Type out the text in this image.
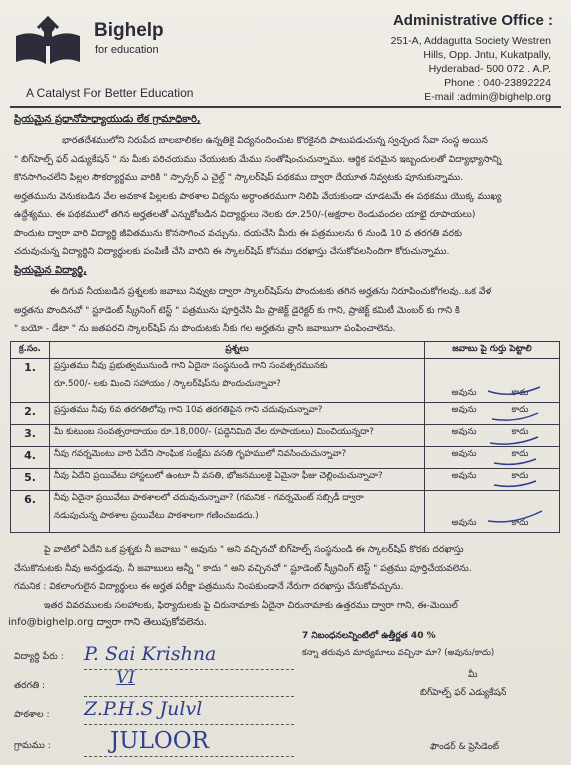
Bighelp
for education
A Catalyst For Better Education
Administrative Office :
251-A, Addagutta Society Westren
Hills, Opp. Jntu, Kukatpally,
Hyderabad- 500 072 . A.P.
Phone : 040-23892224
E-mail :admin@bighelp.org
ప్రియమైన ప్రధానోపాధ్యాయుడు లేక గ్రామాధికారి,
భారతదేశములోని నిరుపేద బాలబాలికల ఉన్నతికై విద్యనందించుట కొరకైనది పాటుపడుచున్న స్వచ్ఛంద సేవా సంస్థ అయిన
" బిగ్‌హెల్ప్ ఫర్ ఎడ్యుకేషన్ " ను మీకు పరిచయము చేయుటకు మేము సంతోషించుచున్నాము. ఆర్థిక పరమైన ఇబ్బందులతో విద్యాభ్యాసాన్ని
కొనసాగించలేని పిల్లల సౌకర్యార్థము వారికి " స్పాన్సర్ ఎ చైల్డ్ " స్కాలర్‌షిప్ పథకము ద్వారా దేయూత నివ్వటకు పూనుకున్నాము.
అర్హతమును వెనుకబడిన వేల అవకాశ పిల్లలకు పాఠశాల విద్యను అర్ధాంతరముగా నిలిపి వేయకుండా చూడటమే ఈ పథకము యొక్క ముఖ్య
ఉద్దేశ్యము. ఈ పథకములో తగిన అర్హతలతో ఎన్నుకోబడిన విద్యార్థులు నెలకు రూ.250/-(అక్షరాల రెండువందల యాభై రూపాయలు)
పొందుట ద్వారా వారి విద్యార్థి జీవితమును కొనసాగించ వచ్చును. దయచేసి మీరు ఈ పత్రములను 6 నుండి 10 వ తరగతి వరకు
చదువుచున్న విద్యార్థిని విద్యార్థులకు పంపిణీ చేసి వారిని ఈ స్కాలర్‌షిప్ కోసము దరఖాస్తు చేసుకోవలసిందిగా కోరుచున్నాము.
ప్రియమైన విద్యార్థి,
ఈ దిగువ నీయబడిన ప్రశ్నలకు జవాబు నివ్వుట ద్వారా స్కాలర్‌షిప్‌ను పొందుటకు తగిన అర్హతను నిరూపించుకోగలవు..ఒక వేళ
అర్హతను పొందినచో " స్టూడెంట్ స్క్రీనింగ్ టెస్ట్ " పత్రమును పూర్తిచేసి మీ ప్రాజెక్ట్ డైరెక్టర్ కు గాని, ప్రాజెక్ట్ కమిటీ మెంబర్ కు గాని కి
" బయో - డేటా " ను జతపరచి స్కాలర్‌షిప్ ను పొందుటకు నీకు గల అర్హతను వ్రాసి జవాబుగా పంపించాలెను.
క్ర.సం.	ప్రశ్నలు	జవాబు పై గుర్తు పెట్టాలి
1.	ప్రస్తుతము నీవు ప్రభుత్వమునుండి గాని ఏదైనా సంస్థనుండి గాని సంవత్సరమునకు
రూ.500/- లకు మించి సహాయం / స్కాలర్‌షిప్‌ను పొందుచున్నావా?	అవును కాదు
2.	ప్రస్తుతము నీవు 6వ తరగతిలోపు గాని 10వ తరగతిపైన గాని చదువుచున్నావా?	అవును కాదు
3.	మీ కుటుంబ సంవత్సరాదాయం రూ.18,000/- (పద్దెనిమిది వేల రూపాయలు) మించియున్నదా?	అవును కాదు
4.	నీవు గవర్నమెంటు వారి ఏదేని సాంఘిక సంక్షేమ వసతి గృహములో నివసించుచున్నావా?	అవును కాదు
5.	నీవు ఏదేని ప్రయివేటు హాస్టలులో ఉంటూ నీ వసతి, భోజనములకై ఏమైనా ఫీజు చెల్లించుచున్నావా?	అవును కాదు
6.	నీవు ఏదైనా ప్రయివేటు పాఠశాలలో చదువుచున్నావా? (గమనిక - గవర్నమెంట్ సబ్సిడీ ద్వారా
నడుపుచున్న పాఠశాల ప్రయివేటు పాఠశాలగా గణించబడదు.)	అవును కాదు
పై వాటిలో ఏదేని ఒక ప్రశ్నకు నీ జవాబు " అవును " అని వచ్చినచో బిగ్‌హెల్ప్ సంస్థనుండి ఈ స్కాలర్‌షిప్ కొరకు దరఖాస్తు
చేసుకొనుటకు నీవు అనర్హుడవు. నీ జవాబులు అన్నీ " కాదు " అని వచ్చినచో " స్టూడెంట్ స్క్రీనింగ్ టెస్ట్ " పత్రము పూర్తిచేయవలెను.
గమనిక : వికలాంగులైన విద్యార్థులు ఈ అర్హత పరీక్షా పత్రమును నింపకుండానే నేరుగా దరఖాస్తు చేసుకోవచ్చును.
ఇతర వివరములకు సలహాలకు, ఫిర్యాదులకు పై చిరునామాకు ఏదైనా చిరునామాకు ఉత్తరము ద్వారా గాని, ఈ-మెయిల్
info@bighelp.org ద్వారా గాని తెలుపుకోవలెను.
7 నిబంధనలన్నింటిలో ఉత్తీర్ణత 40 %
విద్యార్థి పేరు : P. Sai Krishna
తరగతి :	VI
పాఠశాల : Z.P.H.S Julvl
గ్రామము :	JULOOR
కన్నా తరువున మాద్యమాలు వచ్చినా మా? (అవును/కాదు)
మీ
బిగ్‌హెల్ప్ ఫర్ ఎడ్యుకేషన్
ఫౌండర్ & ప్రెసిడెంట్
